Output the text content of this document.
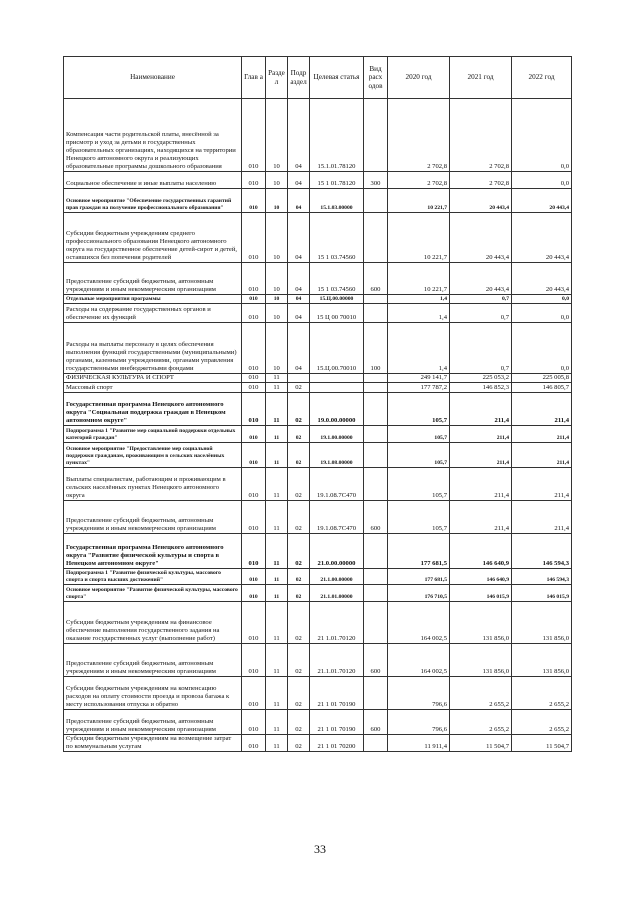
Наименование	Глав а	Разде л	Подр аздел	Целевая статья	Вид расх одов	2020 год	2021 год	2022 год
Компенсация части родительской платы, внесённой за присмотр и уход за детьми в государственных образовательных организациях, находящихся на территории Ненецкого автономного округа и реализующих образовательные программы дошкольного образования	010	10	04	15.1.01.78120		2 702,8	2 702,8	0,0
Социальное обеспечение и иные выплаты населению	010	10	04	15 1 01.78120	300	2 702,8	2 702,8	0,0
Основное мероприятие "Обеспечение государственных гарантий прав граждан на получение профессионального образования"	010	10	04	15.1.03.00000		10 221,7	20 443,4	20 443,4
Субсидии бюджетным учреждениям среднего профессионального образования Ненецкого автономного округа на государственное обеспечение детей-сирот и детей, оставшихся без попечения родителей	010	10	04	15 1 03.74560		10 221,7	20 443,4	20 443,4
Предоставление субсидий бюджетным, автономным учреждениям и иным некоммерческим организациям	010	10	04	15 1 03.74560	600	10 221,7	20 443,4	20 443,4
Отдельные мероприятия программы	010	10	04	15.Ц.00.00000		1,4	0,7	0,0
Расходы на содержание государственных органов и обеспечение их функций	010	10	04	15 Ц 00 70010		1,4	0,7	0,0
Расходы на выплаты персоналу в целях обеспечения выполнения функций государственными (муниципальными) органами, казенными учреждениями, органами управления государственными внебюджетными фондами	010	10	04	15.Ц.00.70010	100	1,4	0,7	0,0
ФИЗИЧЕСКАЯ КУЛЬТУРА И СПОРТ	010	11				249 141,7	225 053,2	225 005,8
Массовый спорт	010	11	02			177 787,2	146 852,3	146 805,7
Государственная программа Ненецкого автономного округа "Социальная поддержка граждан в Ненецком автономном округе"	010	11	02	19.0.00.00000		105,7	211,4	211,4
Подпрограмма 1 "Развитие мер социальной поддержки отдельных категорий граждан"	010	11	02	19.1.00.00000		105,7	211,4	211,4
Основное мероприятие "Предоставление мер социальной поддержки гражданам, проживающим в сельских населённых пунктах"	010	11	02	19.1.08.00000		105,7	211,4	211,4
Выплаты специалистам, работающим и проживающим в сельских населённых пунктах Ненецкого автономного округа	010	11	02	19.1.08.7С470		105,7	211,4	211,4
Предоставление субсидий бюджетным, автономным учреждениям и иным некоммерческим организациям	010	11	02	19.1.08.7С470	600	105,7	211,4	211,4
Государственная программа Ненецкого автономного округа "Развитие физической культуры и спорта в Ненецком автономном округе"	010	11	02	21.0.00.00000		177 681,5	146 640,9	146 594,3
Подпрограмма 1 "Развитие физической культуры, массового спорта и спорта высших достижений"	010	11	02	21.1.00.00000		177 681,5	146 640,9	146 594,3
Основное мероприятие "Развитие физической культуры, массового спорта"	010	11	02	21.1.01.00000		176 710,5	146 015,9	146 015,9
Субсидии бюджетным учреждениям на финансовое обеспечение выполнения государственного задания на оказание государственных услуг (выполнение работ)	010	11	02	21 1.01.70120		164 002,5	131 856,0	131 856,0
Предоставление субсидий бюджетным, автономным учреждениям и иным некоммерческим организациям	010	11	02	21.1.01.70120	600	164 002,5	131 856,0	131 856,0
Субсидии бюджетным учреждениям на компенсацию расходов на оплату стоимости проезда и провоза багажа к месту использования отпуска и обратно	010	11	02	21 1 01 70190		796,6	2 655,2	2 655,2
Предоставление субсидий бюджетным, автономным учреждениям и иным некоммерческим организациям	010	11	02	21 1 01 70190	600	796,6	2 655,2	2 655,2
Субсидии бюджетным учреждениям на возмещение затрат по коммунальным услугам	010	11	02	21 1 01 70200		11 911,4	11 504,7	11 504,7
33
